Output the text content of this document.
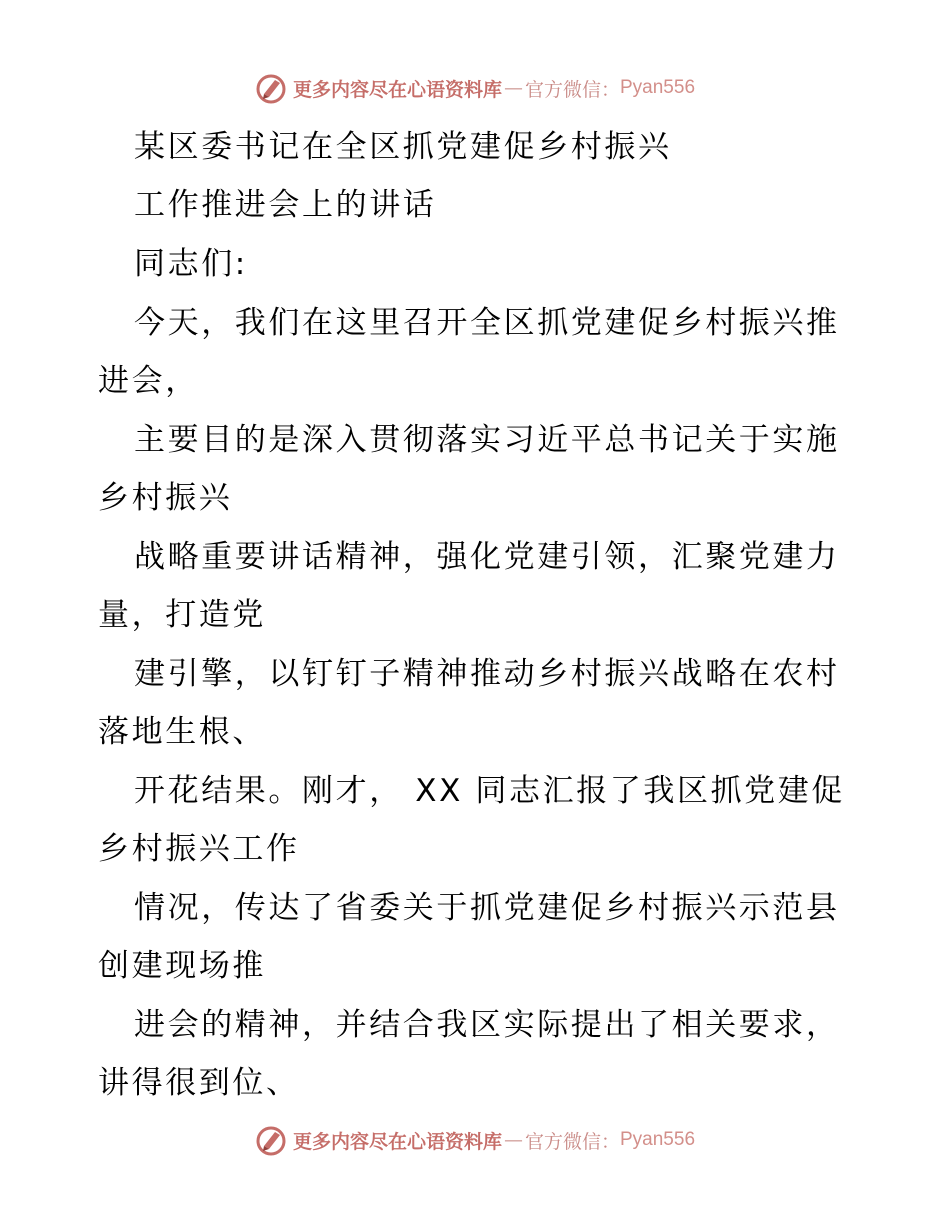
更多内容尽在心语资料库 — 官方微信： Pyan556
某区委书记在全区抓党建促乡村振兴
工作推进会上的讲话
同志们:
今天，我们在这里召开全区抓党建促乡村振兴推
进会，
主要目的是深入贯彻落实习近平总书记关于实施
乡村振兴
战略重要讲话精神，强化党建引领，汇聚党建力
量，打造党
建引擎，以钉钉子精神推动乡村振兴战略在农村
落地生根、
开花结果。刚才， XX 同志汇报了我区抓党建促
乡村振兴工作
情况，传达了省委关于抓党建促乡村振兴示范县
创建现场推
进会的精神，并结合我区实际提出了相关要求，
讲得很到位、
更多内容尽在心语资料库 — 官方微信： Pyan556
